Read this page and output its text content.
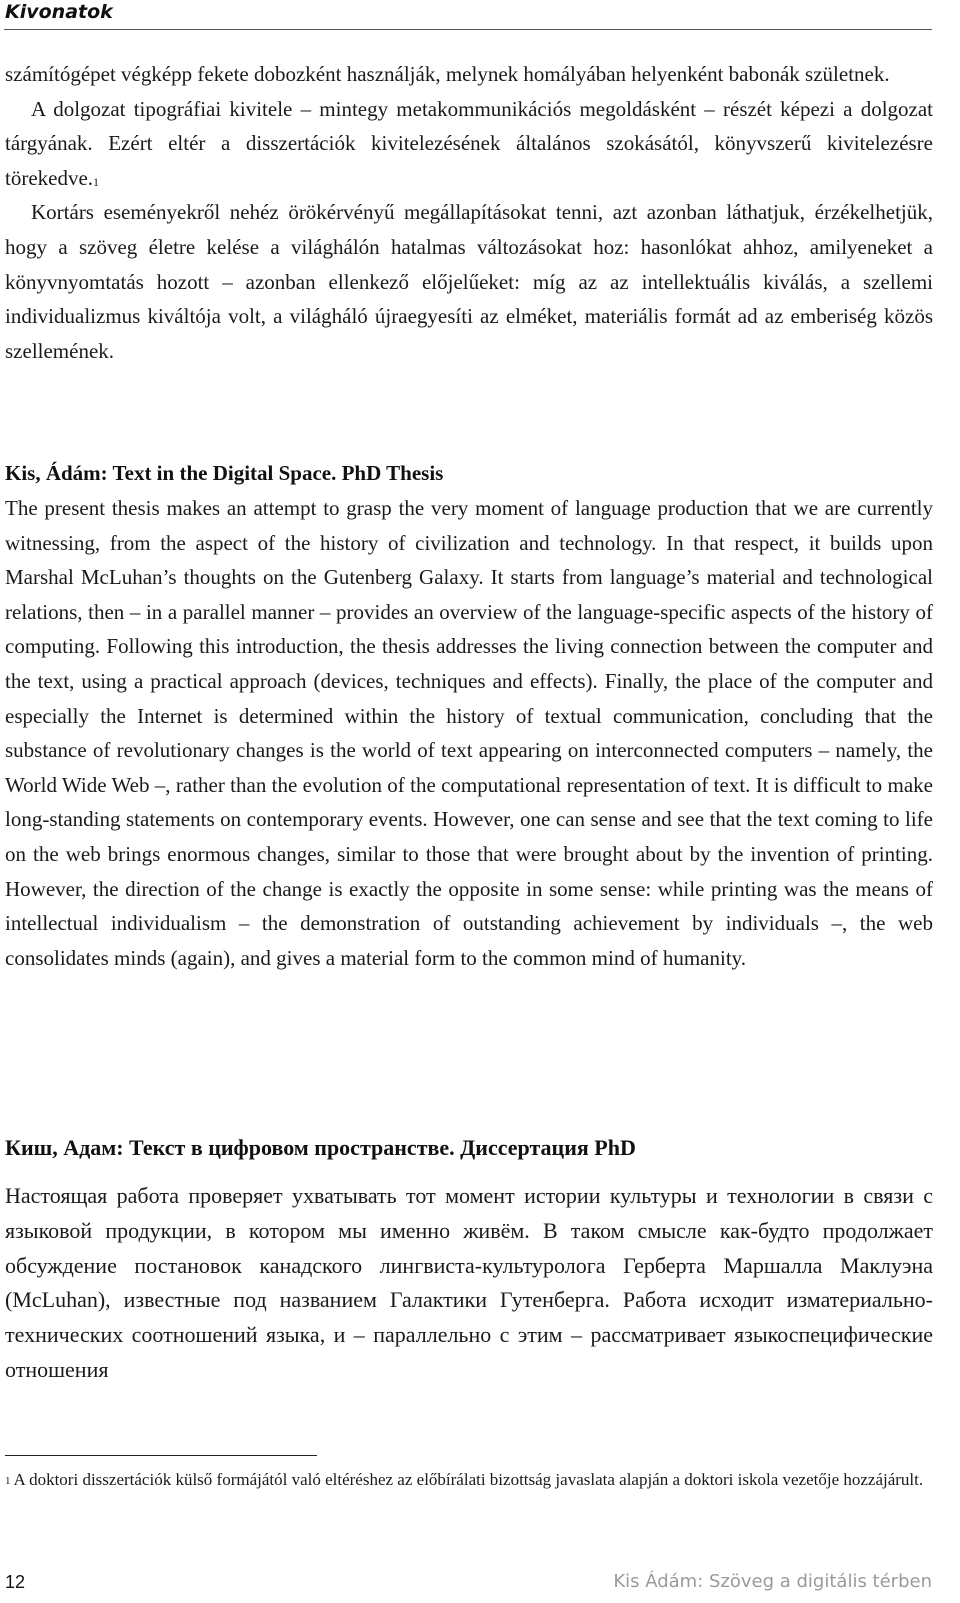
Kivonatok

számítógépet végképp fekete dobozként használják, melynek homályában helyenként babonák születnek.

A dolgozat tipográfiai kivitele – mintegy metakommunikációs megoldásként – részét képezi a dolgozat tárgyának. Ezért eltér a disszertációk kivitelezésének általános szokásától, könyvszerű kivitelezésre törekedve.$^1$

Kortárs eseményekről nehéz örökérvényű megállapításokat tenni, azt azonban láthatjuk, érzékelhetjük, hogy a szöveg életre kelése a világhálón hatalmas változásokat hoz: hasonlókat ahhoz, amilyeneket a könyvnyomtatás hozott – azonban ellenkező előjelűeket: míg az az intellektuális kiválás, a szellemi individualizmus kiváltója volt, a világháló újraegyesíti az elméket, materiális formát ad az emberiség közös szellemének.

Kis, Ádám: Text in the Digital Space. PhD Thesis

The present thesis makes an attempt to grasp the very moment of language production that we are currently witnessing, from the aspect of the history of civilization and technology. In that respect, it builds upon Marshal McLuhan’s thoughts on the Gutenberg Galaxy. It starts from language’s material and technological relations, then – in a parallel manner – provides an overview of the language-specific aspects of the history of computing. Following this introduction, the thesis addresses the living connection between the computer and the text, using a practical approach (devices, techniques and effects). Finally, the place of the computer and especially the Internet is determined within the history of textual communication, concluding that the substance of revolutionary changes is the world of text appearing on interconnected computers – namely, the World Wide Web –, rather than the evolution of the computational representation of text. It is difficult to make long-standing statements on contemporary events. However, one can sense and see that the text coming to life on the web brings enormous changes, similar to those that were brought about by the invention of printing. However, the direction of the change is exactly the opposite in some sense: while printing was the means of intellectual individualism – the demonstration of outstanding achievement by individuals –, the web consolidates minds (again), and gives a material form to the common mind of humanity.

Киш, Адам: Текст в цифровом пространстве. Диссертация PhD

Настоящая работа проверяет ухватывать тот момент истории культуры и технологии в связи с языковой продукции, в котором мы именно живём. В таком смысле как-будто продолжает обсуждение постановок канадского лингвиста-культуролога Герберта Маршалла Маклуэна (McLuhan), известные под названием Галактики Гутенберга. Работа исходит изматериально-технических соотношений языка, и – параллельно с этим – рассматривает языкоспецифические отношения

$^1$ A doktori disszertációk külső formájától való eltéréshez az előbírálati bizottság javaslata alapján a doktori iskola vezetője hozzájárult.
12	Kis Ádám: Szöveg a digitális térben
